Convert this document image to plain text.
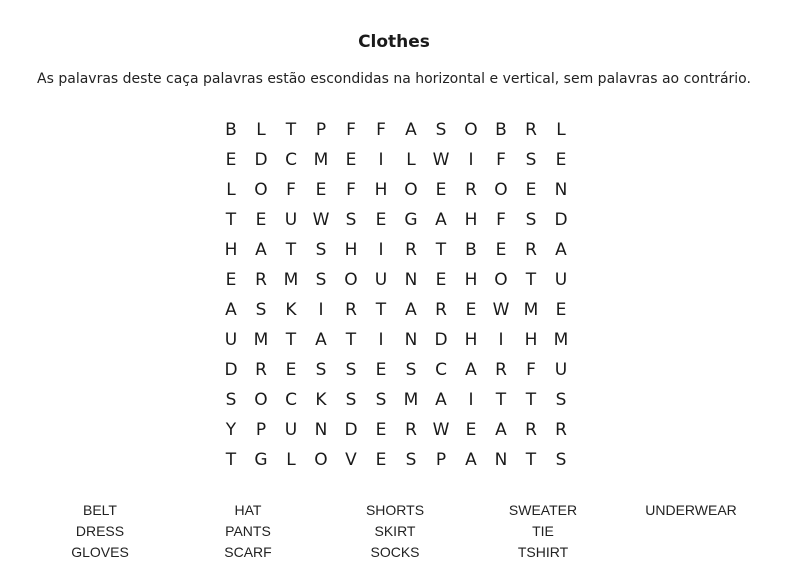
Clothes
As palavras deste caça palavras estão escondidas na horizontal e vertical, sem palavras ao contrário.
B	L	T	P	F	F	A	S	O	B	R	L
E	D	C M	E	I	L W	I	F	S	E
L	O	F	E	F	H O	E	R	O	E	N
T	E	U W S	E	G	A	H	F	S	D
H	A	T	S	H	I	R	T	B	E	R	A
E	R M	S	O	U	N	E	H O	T	U
A	S	K	I	R	T	A	R	E W M	E
U M	T	A	T	I	N	D	H	I	H M
D	R	E	S	S	E	S	C	A	R	F	U
S	O	C	K	S	S	M A	I	T	T	S
Y	P	U	N	D	E	R W E	A	R	R
T	G	L	O	V	E	S	P	A	N	T	S
BELT
DRESS
GLOVES
HAT
PANTS
SCARF
SHORTS
SKIRT
SOCKS
SWEATER
TIE
TSHIRT
UNDERWEAR
